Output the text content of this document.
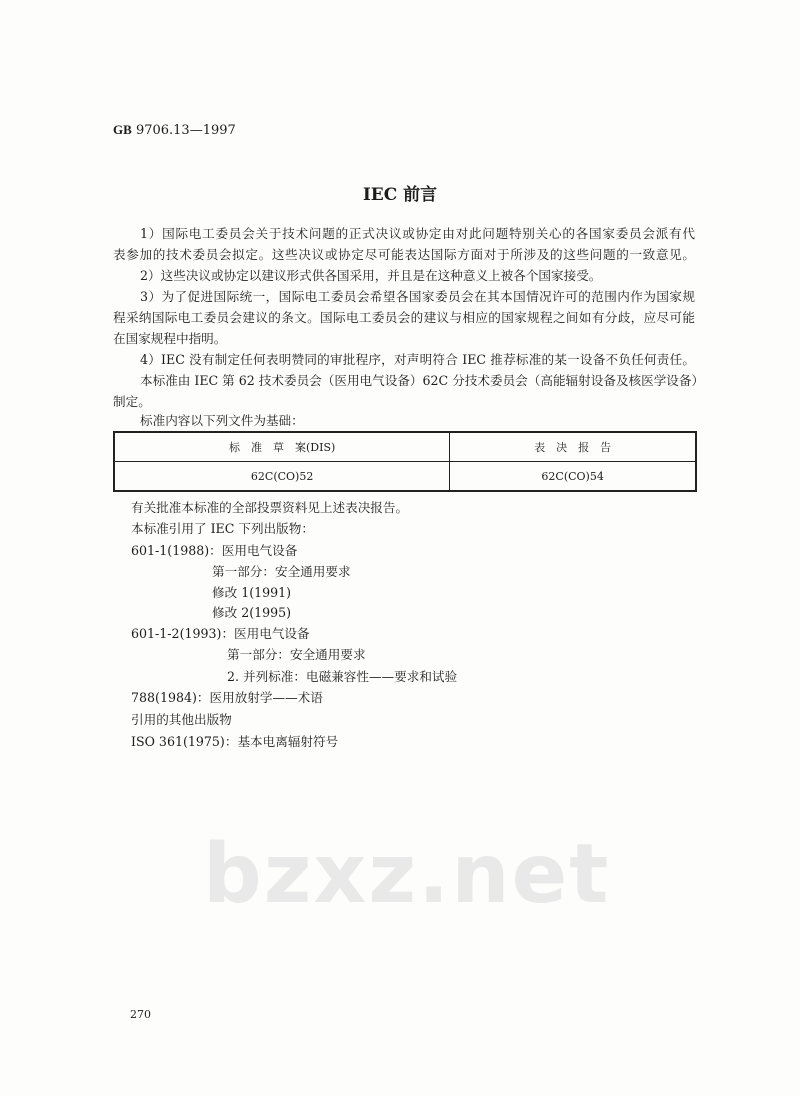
bzxz.net
GB 9706.13—1997
IEC 前言
1）国际电工委员会关于技术问题的正式决议或协定由对此问题特别关心的各国家委员会派有代
表参加的技术委员会拟定。这些决议或协定尽可能表达国际方面对于所涉及的这些问题的一致意见。
2）这些决议或协定以建议形式供各国采用，并且是在这种意义上被各个国家接受。
3）为了促进国际统一，国际电工委员会希望各国家委员会在其本国情况许可的范围内作为国家规
程采纳国际电工委员会建议的条文。国际电工委员会的建议与相应的国家规程之间如有分歧，应尽可能
在国家规程中指明。
4）IEC 没有制定任何表明赞同的审批程序，对声明符合 IEC 推荐标准的某一设备不负任何责任。
本标准由 IEC 第 62 技术委员会（医用电气设备）62C 分技术委员会（高能辐射设备及核医学设备）
制定。
标准内容以下列文件为基础：
标　准　草　案(DIS)	表　决　报　告
62C(CO)52	62C(CO)54
有关批准本标准的全部投票资料见上述表决报告。
本标准引用了 IEC 下列出版物：
601-1(1988)：医用电气设备
第一部分：安全通用要求
修改 1(1991)
修改 2(1995)
601-1-2(1993)：医用电气设备
第一部分：安全通用要求
2. 并列标准：电磁兼容性——要求和试验
788(1984)：医用放射学——术语
引用的其他出版物
ISO 361(1975)：基本电离辐射符号
270
